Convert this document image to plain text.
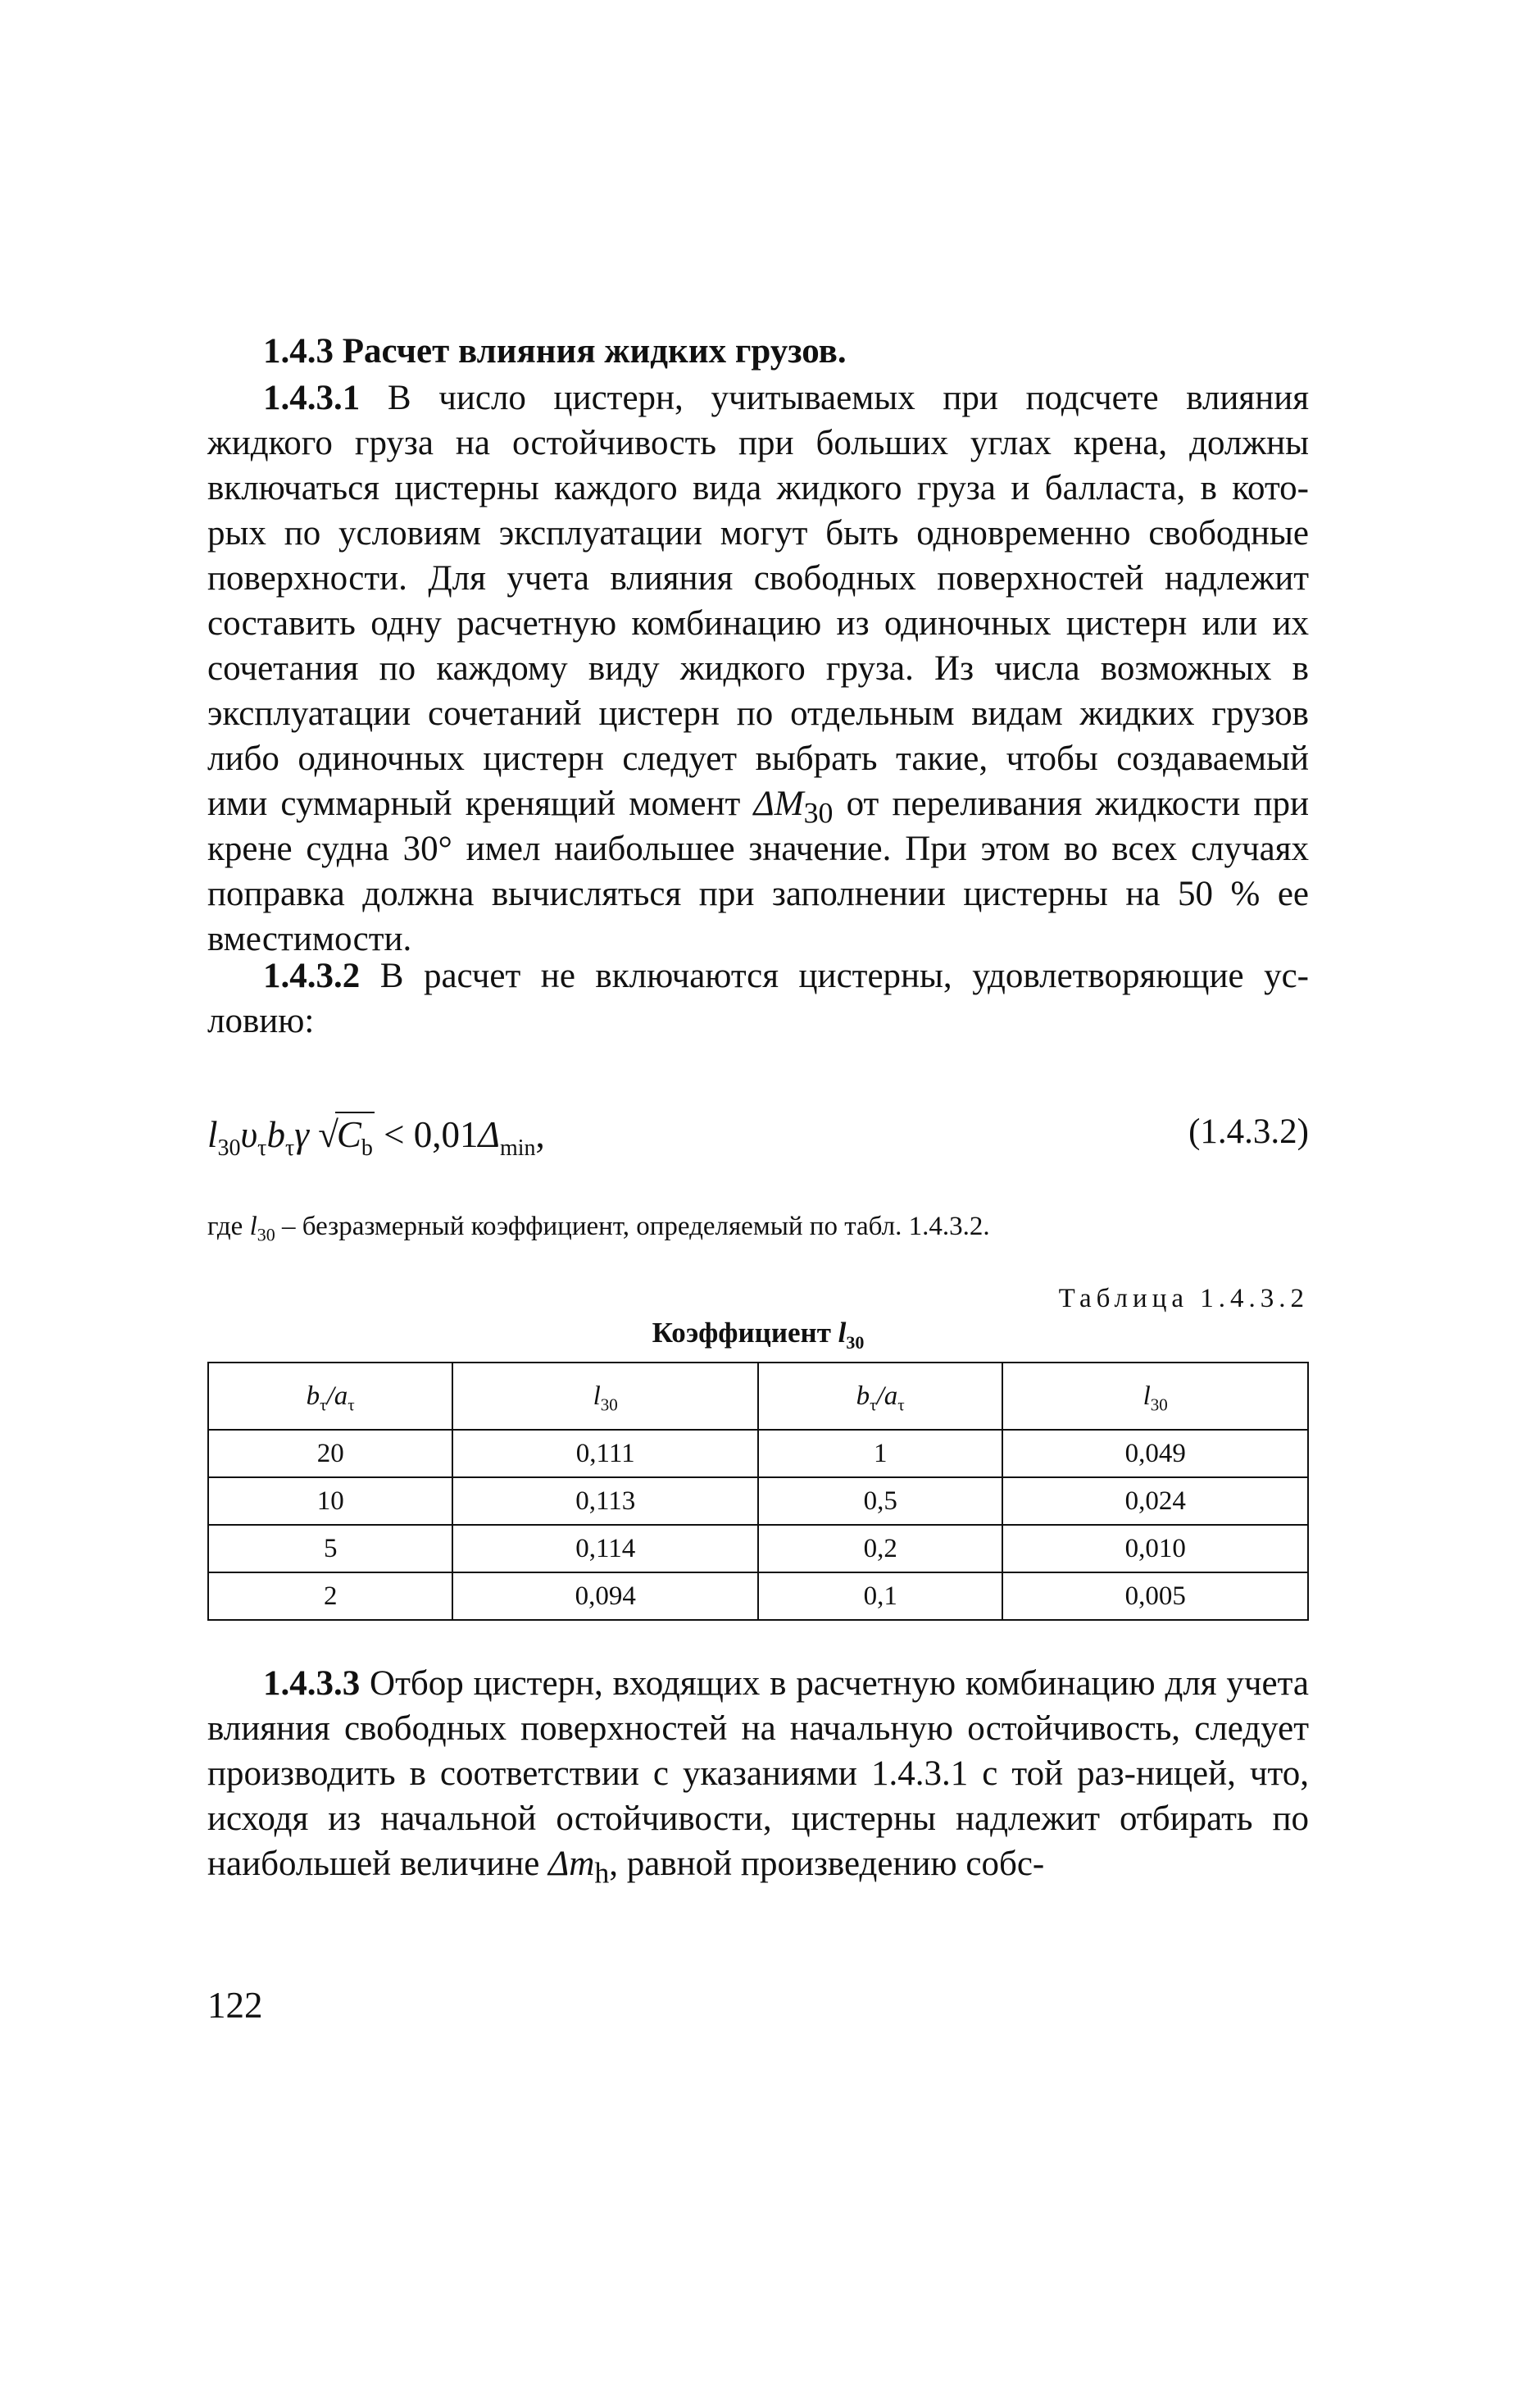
1.4.3 Расчет влияния жидких грузов.
1.4.3.1 В число цистерн, учитываемых при подсчете влияния жидкого груза на остойчивость при больших углах крена, должны включаться цистерны каждого вида жидкого груза и балласта, в кото-рых по условиям эксплуатации могут быть одновременно свободные поверхности. Для учета влияния свободных поверхностей надлежит составить одну расчетную комбинацию из одиночных цистерн или их сочетания по каждому виду жидкого груза. Из числа возможных в эксплуатации сочетаний цистерн по отдельным видам жидких грузов либо одиночных цистерн следует выбрать такие, чтобы создаваемый ими суммарный кренящий момент $\Delta M_{30}$ от переливания жидкости при крене судна 30° имел наибольшее значение. При этом во всех случаях поправка должна вычисляться при заполнении цистерны на 50 % ее вместимости.
1.4.3.2 В расчет не включаются цистерны, удовлетворяющие ус-ловию:
$l_{30}\upsilon_\tau b_\tau\gamma$ $√C_b < 0,01\Delta_{min}$,	(1.4.3.2)
где $l_{30}$ – безразмерный коэффициент, определяемый по табл. 1.4.3.2.
Таблица 1.4.3.2
Коэффициент $l_{30}$
$b_\tau/a_\tau$	$l_{30}$	$b_\tau/a_\tau$	$l_{30}$
20	0,111	1	0,049
10	0,113	0,5	0,024
5	0,114	0,2	0,010
2	0,094	0,1	0,005
1.4.3.3 Отбор цистерн, входящих в расчетную комбинацию для учета влияния свободных поверхностей на начальную остойчивость, следует производить в соответствии с указаниями 1.4.3.1 с той раз-ницей, что, исходя из начальной остойчивости, цистерны надлежит отбирать по наибольшей величине $\Delta m_h$, равной произведению собс-
122
